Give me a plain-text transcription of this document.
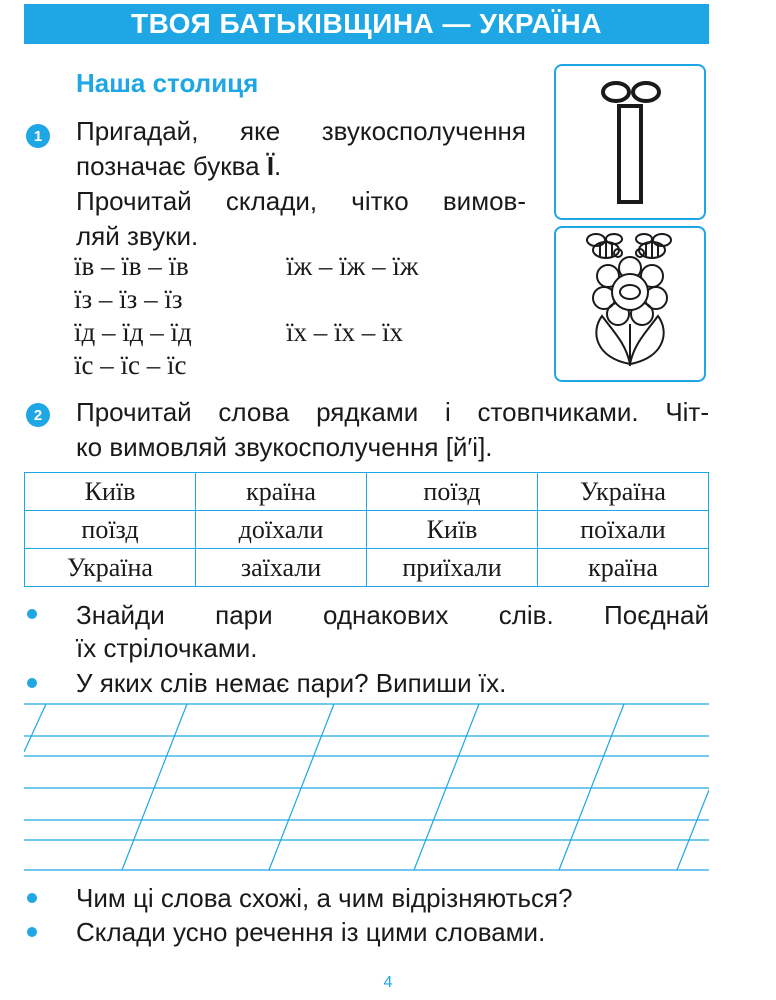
ТВОЯ БАТЬКІВЩИНА — УКРАЇНА
Наша столиця
1	Пригадай, яке звукосполучення

позначає буква Ї.

Прочитай склади, чітко вимов-

ляй звуки.

їв – їв – їв	їж – їж – їж
їз – їз – їз
їд – їд – їд	їх – їх – їх
їс – їс – їс
2	Прочитай слова рядками і стовпчиками. Чіт-

ко вимовляй звукосполучення [й′і].

Київ	країна	поїзд	Україна
поїзд	доїхали	Київ	поїхали
Україна	заїхали	приїхали	країна
Знайди пари однакових слів. Поєднай
їх стрілочками.
У яких слів немає пари? Випиши їх.
Чим ці слова схожі, а чим відрізняються?
Склади усно речення із цими словами.
4
